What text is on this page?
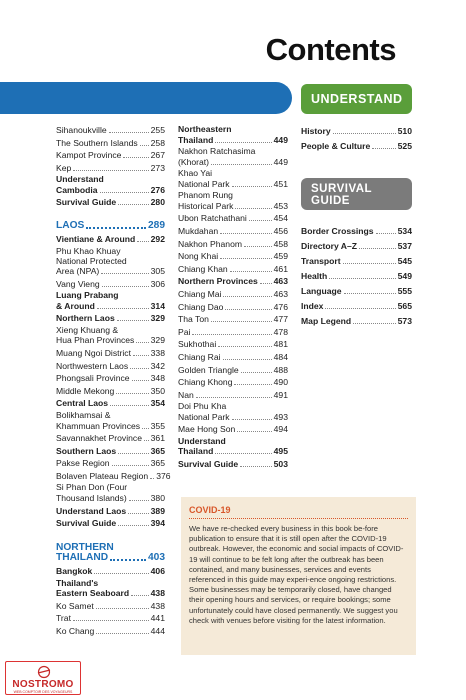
Contents
UNDERSTAND
SURVIVAL
GUIDE
Sihanoukville	255
The Southern Islands 258
Kampot Province	267
Kep	273
Understand
Cambodia	276
Survival Guide	280
LAOS	289
Vientiane & Around 292
Phu Khao Khuay
National Protected
Area (NPA)	305
Vang Vieng	306
Luang Prabang
& Around	314
Northern Laos	329
Xieng Khuang &
Hua Phan Provinces 329
Muang Ngoi District 338
Northwestern Laos	342
Phongsali Province 348
Middle Mekong	350
Central Laos	354
Bolikhamsai &
Khammuan Provinces 355
Savannakhet Province 361
Southern Laos	365
Pakse Region	365
Bolaven Plateau Region 376
Si Phan Don (Four
Thousand Islands)	380
Understand Laos	389
Survival Guide	394
NORTHERN
THAILAND	403
Bangkok	406
Thailand's
Eastern Seaboard	438
Ko Samet	438
Trat	441
Ko Chang	444
Northeastern
Thailand	449
Nakhon Ratchasima
(Khorat)	449
Khao Yai
National Park	451
Phanom Rung
Historical Park	453
Ubon Ratchathani	454
Mukdahan	456
Nakhon Phanom	458
Nong Khai	459
Chiang Khan	461
Northern Provinces 463
Chiang Mai	463
Chiang Dao	476
Tha Ton	477
Pai	478
Sukhothai	481
Chiang Rai	484
Golden Triangle	488
Chiang Khong	490
Nan	491
Doi Phu Kha
National Park	493
Mae Hong Son	494
Understand
Thailand	495
Survival Guide	503
History	510
People & Culture	525
Border Crossings	534
Directory A–Z	537
Transport	545
Health	549
Language	555
Index	565
Map Legend	573
COVID-19
We have re-checked every business in this book be-fore publication to ensure that it is still open after the COVID-19 outbreak. However, the economic and social impacts of COVID-19 will continue to be felt long after the outbreak has been contained, and many businesses, services and events referenced in this guide may experi-ence ongoing restrictions. Some businesses may be temporarily closed, have changed their opening hours and services, or require bookings; some unfortunately could have closed permanently. We suggest you check with venues before visiting for the latest information.
NOSTROMO
WEB COMPTOIR DES VOYAGEURS
